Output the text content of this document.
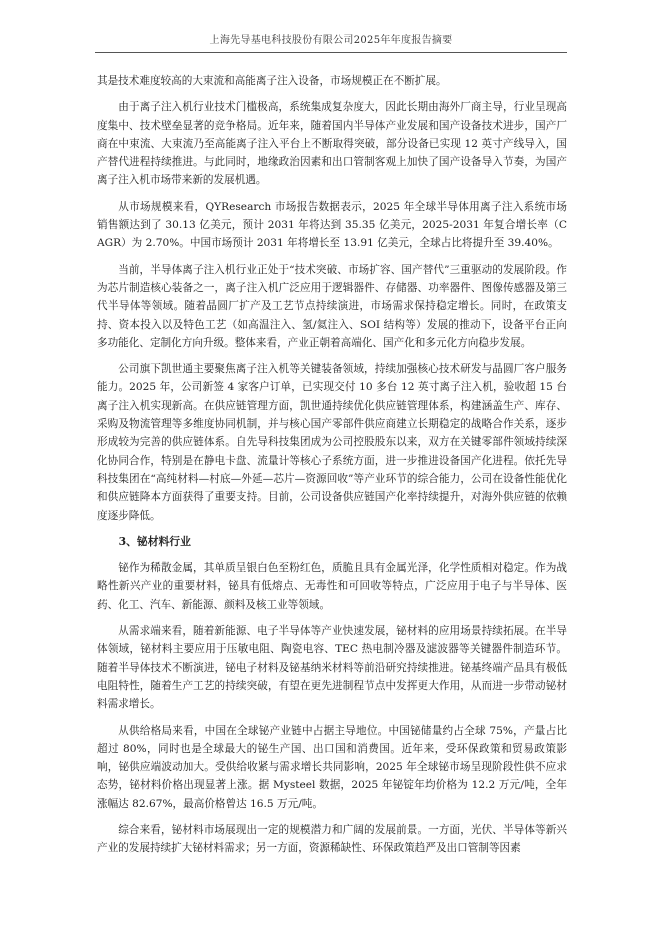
上海先导基电科技股份有限公司2025年年度报告摘要

其是技术难度较高的大束流和高能离子注入设备，市场规模正在不断扩展。

由于离子注入机行业技术门槛极高，系统集成复杂度大，因此长期由海外厂商主导，行业呈现高度集中、技术壁垒显著的竞争格局。近年来，随着国内半导体产业发展和国产设备技术进步，国产厂商在中束流、大束流乃至高能离子注入平台上不断取得突破，部分设备已实现 12 英寸产线导入，国产替代进程持续推进。与此同时，地缘政治因素和出口管制客观上加快了国产设备导入节奏，为国产离子注入机市场带来新的发展机遇。

从市场规模来看，QYResearch 市场报告数据表示，2025 年全球半导体用离子注入系统市场销售额达到了 30.13 亿美元，预计 2031 年将达到 35.35 亿美元，2025-2031 年复合增长率（CAGR）为 2.70%。中国市场预计 2031 年将增长至 13.91 亿美元，全球占比将提升至 39.40%。

当前，半导体离子注入机行业正处于“技术突破、市场扩容、国产替代”三重驱动的发展阶段。作为芯片制造核心装备之一，离子注入机广泛应用于逻辑器件、存储器、功率器件、图像传感器及第三代半导体等领域。随着晶圆厂扩产及工艺节点持续演进，市场需求保持稳定增长。同时，在政策支持、资本投入以及特色工艺（如高温注入、氢/氦注入、SOI 结构等）发展的推动下，设备平台正向多功能化、定制化方向升级。整体来看，产业正朝着高端化、国产化和多元化方向稳步发展。

公司旗下凯世通主要聚焦离子注入机等关键装备领域，持续加强核心技术研发与晶圆厂客户服务能力。2025 年，公司新签 4 家客户订单，已实现交付 10 多台 12 英寸离子注入机，验收超 15 台离子注入机实现新高。在供应链管理方面，凯世通持续优化供应链管理体系，构建涵盖生产、库存、采购及物流管理等多维度协同机制，并与核心国产零部件供应商建立长期稳定的战略合作关系，逐步形成较为完善的供应链体系。自先导科技集团成为公司控股股东以来，双方在关键零部件领域持续深化协同合作，特别是在静电卡盘、流量计等核心子系统方面，进一步推进设备国产化进程。依托先导科技集团在“高纯材料—村底—外延—芯片—资源回收”等产业环节的综合能力，公司在设备性能优化和供应链降本方面获得了重要支持。目前，公司设备供应链国产化率持续提升，对海外供应链的依赖度逐步降低。

3、铋材料行业

铋作为稀散金属，其单质呈银白色至粉红色，质脆且具有金属光泽，化学性质相对稳定。作为战略性新兴产业的重要材料，铋具有低熔点、无毒性和可回收等特点，广泛应用于电子与半导体、医药、化工、汽车、新能源、颜料及核工业等领域。

从需求端来看，随着新能源、电子半导体等产业快速发展，铋材料的应用场景持续拓展。在半导体领域，铋材料主要应用于压敏电阻、陶瓷电容、TEC 热电制冷器及滤波器等关键器件制造环节。随着半导体技术不断演进，铋电子材料及铋基纳米材料等前沿研究持续推进。铋基终端产品具有极低电阻特性，随着生产工艺的持续突破，有望在更先进制程节点中发挥更大作用，从而进一步带动铋材料需求增长。

从供给格局来看，中国在全球铋产业链中占据主导地位。中国铋储量约占全球 75%，产量占比超过 80%，同时也是全球最大的铋生产国、出口国和消费国。近年来，受环保政策和贸易政策影响，铋供应端波动加大。受供给收紧与需求增长共同影响，2025 年全球铋市场呈现阶段性供不应求态势，铋材料价格出现显著上涨。据 Mysteel 数据，2025 年铋锭年均价格为 12.2 万元/吨，全年涨幅达 82.67%，最高价格曾达 16.5 万元/吨。

综合来看，铋材料市场展现出一定的规模潜力和广阔的发展前景。一方面，光伏、半导体等新兴产业的发展持续扩大铋材料需求；另一方面，资源稀缺性、环保政策趋严及出口管制等因素
